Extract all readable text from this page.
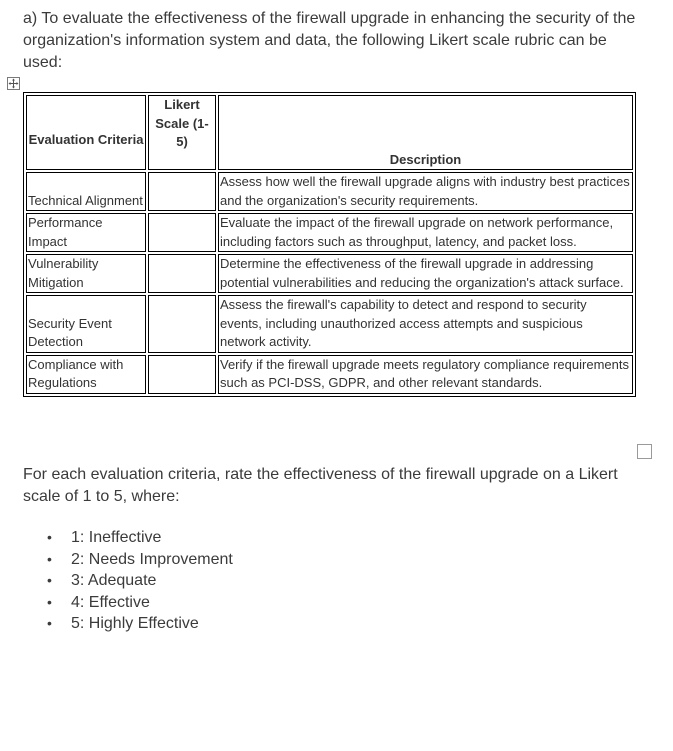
a) To evaluate the effectiveness of the firewall upgrade in enhancing the security of the organization's information system and data, the following Likert scale rubric can be used:

Evaluation Criteria	Likert Scale (1-5)	Description
Technical Alignment		Assess how well the firewall upgrade aligns with industry best practices and the organization's security requirements.
Performance Impact		Evaluate the impact of the firewall upgrade on network performance, including factors such as throughput, latency, and packet loss.
Vulnerability Mitigation		Determine the effectiveness of the firewall upgrade in addressing potential vulnerabilities and reducing the organization's attack surface.
Security Event Detection		Assess the firewall's capability to detect and respond to security events, including unauthorized access attempts and suspicious network activity.
Compliance with Regulations		Verify if the firewall upgrade meets regulatory compliance requirements such as PCI-DSS, GDPR, and other relevant standards.

For each evaluation criteria, rate the effectiveness of the firewall upgrade on a Likert scale of 1 to 5, where:

• 1: Ineffective
• 2: Needs Improvement
• 3: Adequate
• 4: Effective
• 5: Highly Effective
